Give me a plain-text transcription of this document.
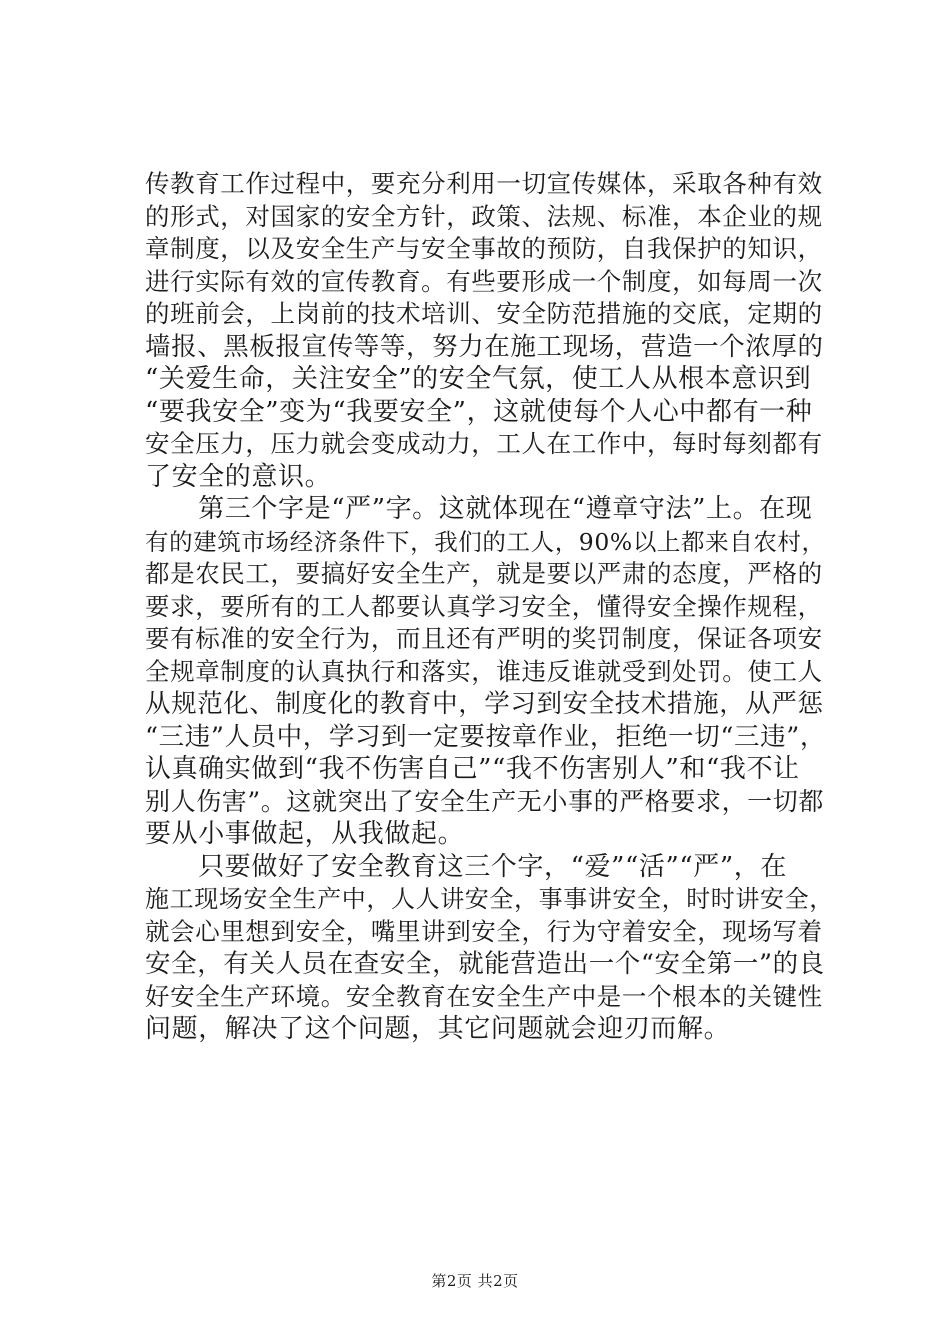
传教育工作过程中，要充分利用一切宣传媒体，采取各种有效
的形式，对国家的安全方针，政策、法规、标准，本企业的规
章制度，以及安全生产与安全事故的预防，自我保护的知识，
进行实际有效的宣传教育。有些要形成一个制度，如每周一次
的班前会，上岗前的技术培训、安全防范措施的交底，定期的
墙报、黑板报宣传等等，努力在施工现场，营造一个浓厚的
“关爱生命，关注安全”的安全气氛，使工人从根本意识到
“要我安全”变为“我要安全”，这就使每个人心中都有一种
安全压力，压力就会变成动力，工人在工作中，每时每刻都有
了安全的意识。
　　第三个字是“严”字。这就体现在“遵章守法”上。在现
有的建筑市场经济条件下，我们的工人，90%以上都来自农村，
都是农民工，要搞好安全生产，就是要以严肃的态度，严格的
要求，要所有的工人都要认真学习安全，懂得安全操作规程，
要有标准的安全行为，而且还有严明的奖罚制度，保证各项安
全规章制度的认真执行和落实，谁违反谁就受到处罚。使工人
从规范化、制度化的教育中，学习到安全技术措施，从严惩
“三违”人员中，学习到一定要按章作业，拒绝一切“三违”，
认真确实做到“我不伤害自己”“我不伤害别人”和“我不让
别人伤害”。这就突出了安全生产无小事的严格要求，一切都
要从小事做起，从我做起。
　　只要做好了安全教育这三个字，“爱”“活”“严”，在
施工现场安全生产中，人人讲安全，事事讲安全，时时讲安全，
就会心里想到安全，嘴里讲到安全，行为守着安全，现场写着
安全，有关人员在查安全，就能营造出一个“安全第一”的良
好安全生产环境。安全教育在安全生产中是一个根本的关键性
问题，解决了这个问题，其它问题就会迎刃而解。
第2页 共2页
